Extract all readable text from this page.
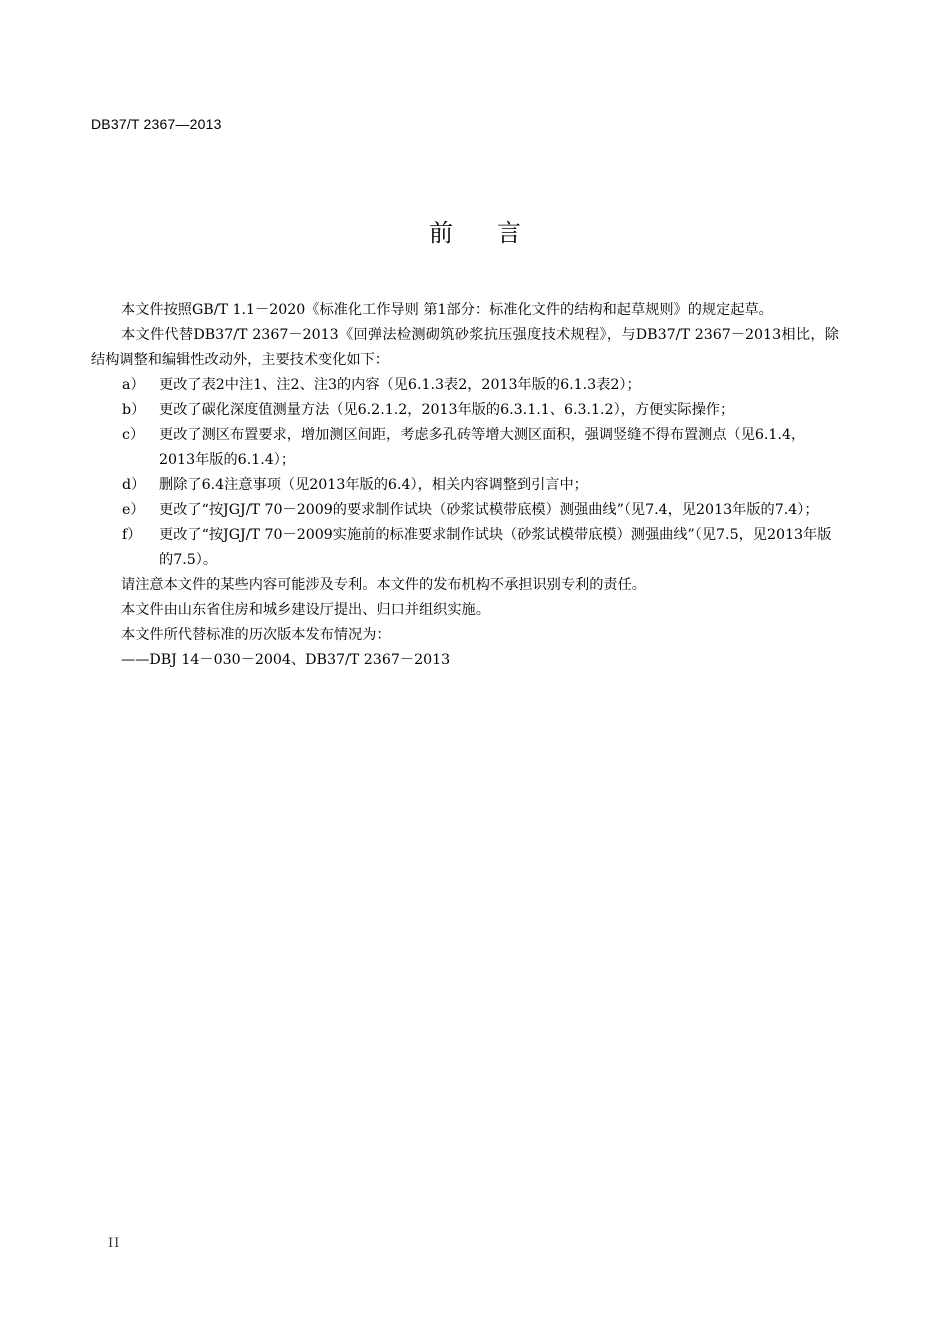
DB37/T 2367—2013
前言

本文件按照GB/T 1.1－2020《标准化工作导则 第1部分：标准化文件的结构和起草规则》的规定起草。

本文件代替DB37/T 2367－2013《回弹法检测砌筑砂浆抗压强度技术规程》，与DB37/T 2367－2013相比，除结构调整和编辑性改动外，主要技术变化如下：

a） 更改了表2中注1、注2、注3的内容（见6.1.3表2，2013年版的6.1.3表2）；

b） 更改了碳化深度值测量方法（见6.2.1.2，2013年版的6.3.1.1、6.3.1.2），方便实际操作；

c） 更改了测区布置要求，增加测区间距，考虑多孔砖等增大测区面积，强调竖缝不得布置测点（见6.1.4，2013年版的6.1.4）；

d） 删除了6.4注意事项（见2013年版的6.4），相关内容调整到引言中；

e） 更改了“按JGJ/T 70－2009的要求制作试块（砂浆试模带底模）测强曲线”（见7.4，见2013年版的7.4）；

f） 更改了“按JGJ/T 70－2009实施前的标准要求制作试块（砂浆试模带底模）测强曲线”（见7.5，见2013年版的7.5）。

请注意本文件的某些内容可能涉及专利。本文件的发布机构不承担识别专利的责任。

本文件由山东省住房和城乡建设厅提出、归口并组织实施。

本文件所代替标准的历次版本发布情况为：

——DBJ 14－030－2004、DB37/T 2367－2013

II
